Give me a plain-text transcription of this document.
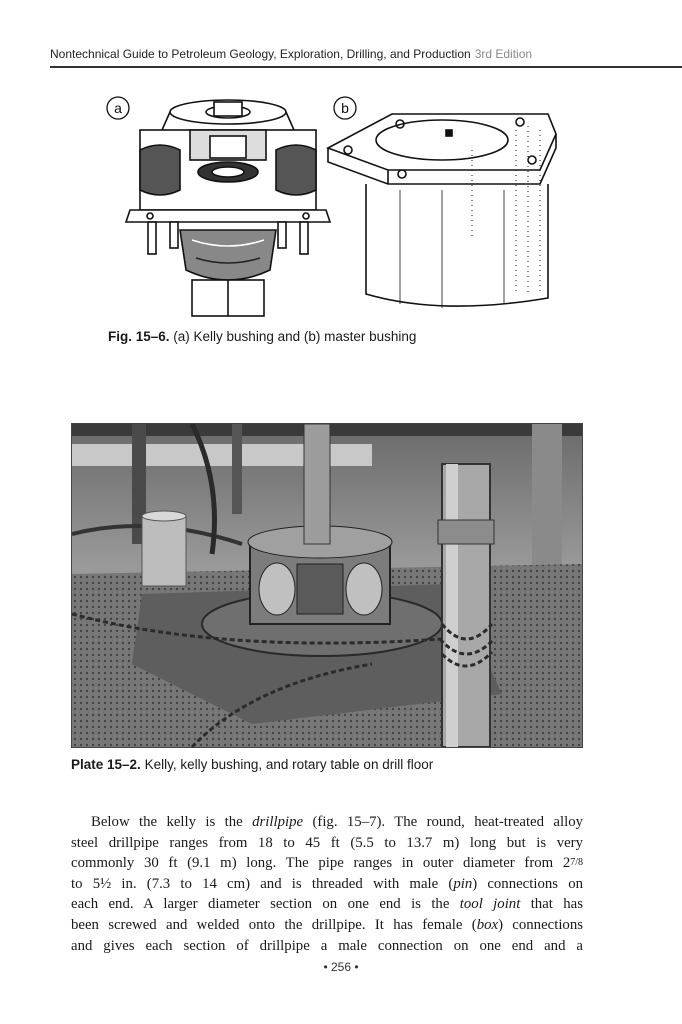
Nontechnical Guide to Petroleum Geology, Exploration, Drilling, and Production 3rd Edition
a	b
Fig. 15–6. (a) Kelly bushing and (b) master bushing
Plate 15–2. Kelly, kelly bushing, and rotary table on drill floor
Below the kelly is the drillpipe (fig. 15–7). The round, heat-treated alloy
steel drillpipe ranges from 18 to 45 ft (5.5 to 13.7 m) long but is very
commonly 30 ft (9.1 m) long. The pipe ranges in outer diameter from 27/8
to 5½ in. (7.3 to 14 cm) and is threaded with male (pin) connections on
each end. A larger diameter section on one end is the tool joint that has
been screwed and welded onto the drillpipe. It has female (box) connections
and gives each section of drillpipe a male connection on one end and a
• 256 •
